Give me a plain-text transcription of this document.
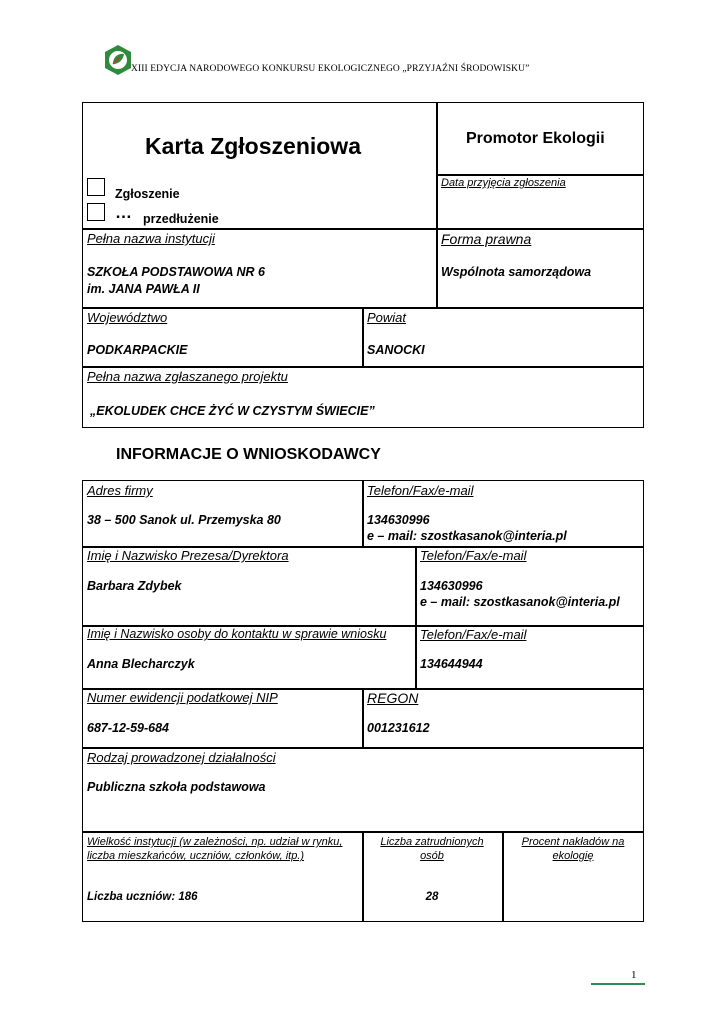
XIII EDYCJA NARODOWEGO KONKURSU EKOLOGICZNEGO „PRZYJAŹNI ŚRODOWISKU”
Karta Zgłoszeniowa	Promotor Ekologii
Zgłoszenie
… przedłużenie
Data przyjęcia zgłoszenia
Pełna nazwa instytucji
SZKOŁA PODSTAWOWA NR 6
im. JANA PAWŁA II
Forma prawna
Wspólnota samorządowa
Województwo
PODKARPACKIE
Powiat
SANOCKI
Pełna nazwa zgłaszanego projektu
„EKOLUDEK CHCE ŻYĆ W CZYSTYM ŚWIECIE”
INFORMACJE O WNIOSKODAWCY
Adres firmy
38 – 500 Sanok ul. Przemyska 80
Telefon/Fax/e-mail
134630996
e – mail: szostkasanok@interia.pl
Imię i Nazwisko Prezesa/Dyrektora
Barbara Zdybek
Telefon/Fax/e-mail
134630996
e – mail: szostkasanok@interia.pl
Imię i Nazwisko osoby do kontaktu w sprawie wniosku
Anna Blecharczyk
Telefon/Fax/e-mail
134644944
Numer ewidencji podatkowej NIP
687-12-59-684
REGON
001231612
Rodzaj prowadzonej działalności
Publiczna szkoła podstawowa
Wielkość instytucji (w zależności, np. udział w rynku, liczba mieszkańców, uczniów, członków, itp.)
Liczba uczniów: 186
Liczba zatrudnionych osób
28
Procent nakładów na ekologię
1
